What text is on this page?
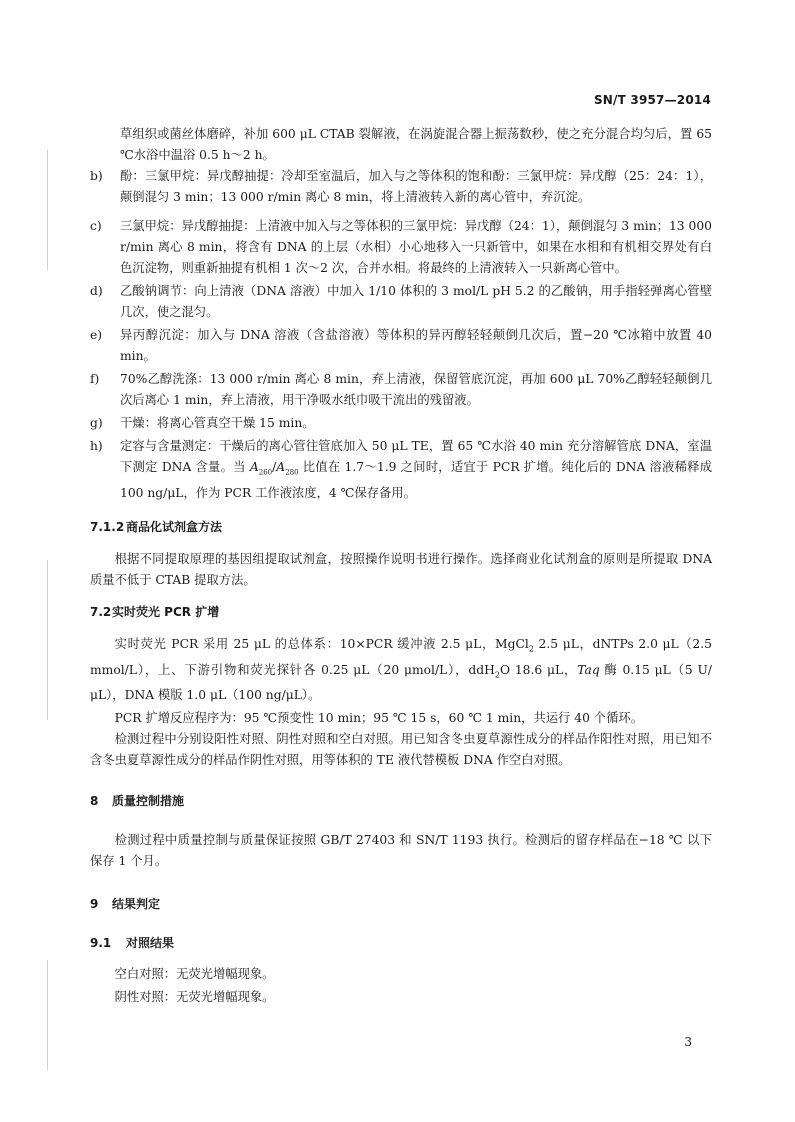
SN/T 3957—2014

草组织或菌丝体磨碎，补加 600 μL CTAB 裂解液，在涡旋混合器上振荡数秒，使之充分混合均匀后，置 65 ℃水浴中温浴 0.5 h～2 h。

b) 酚：三氯甲烷：异戊醇抽提：冷却至室温后，加入与之等体积的饱和酚：三氯甲烷：异戊醇（25：24：1），颠倒混匀 3 min；13 000 r/min 离心 8 min，将上清液转入新的离心管中，弃沉淀。
c) 三氯甲烷：异戊醇抽提：上清液中加入与之等体积的三氯甲烷：异戊醇（24：1），颠倒混匀 3 min；13 000 r/min 离心 8 min，将含有 DNA 的上层（水相）小心地移入一只新管中，如果在水相和有机相交界处有白色沉淀物，则重新抽提有机相 1 次～2 次，合并水相。将最终的上清液转入一只新离心管中。
d) 乙酸钠调节：向上清液（DNA 溶液）中加入 1/10 体积的 3 mol/L pH 5.2 的乙酸钠，用手指轻弹离心管壁几次，使之混匀。
e) 异丙醇沉淀：加入与 DNA 溶液（含盐溶液）等体积的异丙醇轻轻颠倒几次后，置−20 ℃冰箱中放置 40 min。
f) 70%乙醇洗涤：13 000 r/min 离心 8 min，弃上清液，保留管底沉淀，再加 600 μL 70%乙醇轻轻颠倒几次后离心 1 min，弃上清液，用干净吸水纸巾吸干流出的残留液。
g) 干燥：将离心管真空干燥 15 min。
h) 定容与含量测定：干燥后的离心管往管底加入 50 μL TE，置 65 ℃水浴 40 min 充分溶解管底 DNA，室温下测定 DNA 含量。当 $A_{260}/A_{280}$ 比值在 1.7～1.9 之间时，适宜于 PCR 扩增。纯化后的 DNA 溶液稀释成 100 ng/μL，作为 PCR 工作液浓度，4 ℃保存备用。
7.1.2 商品化试剂盒方法

根据不同提取原理的基因组提取试剂盒，按照操作说明书进行操作。选择商业化试剂盒的原则是所提取 DNA 质量不低于 CTAB 提取方法。

7.2实时荧光 PCR 扩增

实时荧光 PCR 采用 25 μL 的总体系：10×PCR 缓冲液 2.5 μL，MgCl$_2$ 2.5 μL，dNTPs 2.0 μL（2.5 mmol/L），上、下游引物和荧光探针各 0.25 μL（20 μmol/L），ddH$_2$O 18.6 μL，Taq 酶 0.15 μL（5 U/μL），DNA 模版 1.0 μL（100 ng/μL）。

PCR 扩增反应程序为：95 ℃预变性 10 min；95 ℃ 15 s，60 ℃ 1 min，共运行 40 个循环。

检测过程中分别设阳性对照、阴性对照和空白对照。用已知含冬虫夏草源性成分的样品作阳性对照，用已知不含冬虫夏草源性成分的样品作阴性对照，用等体积的 TE 液代替模板 DNA 作空白对照。

8 质量控制措施

检测过程中质量控制与质量保证按照 GB/T 27403 和 SN/T 1193 执行。检测后的留存样品在−18 ℃ 以下保存 1 个月。

9 结果判定
9.1 对照结果

空白对照：无荧光增幅现象。

阴性对照：无荧光增幅现象。

3
